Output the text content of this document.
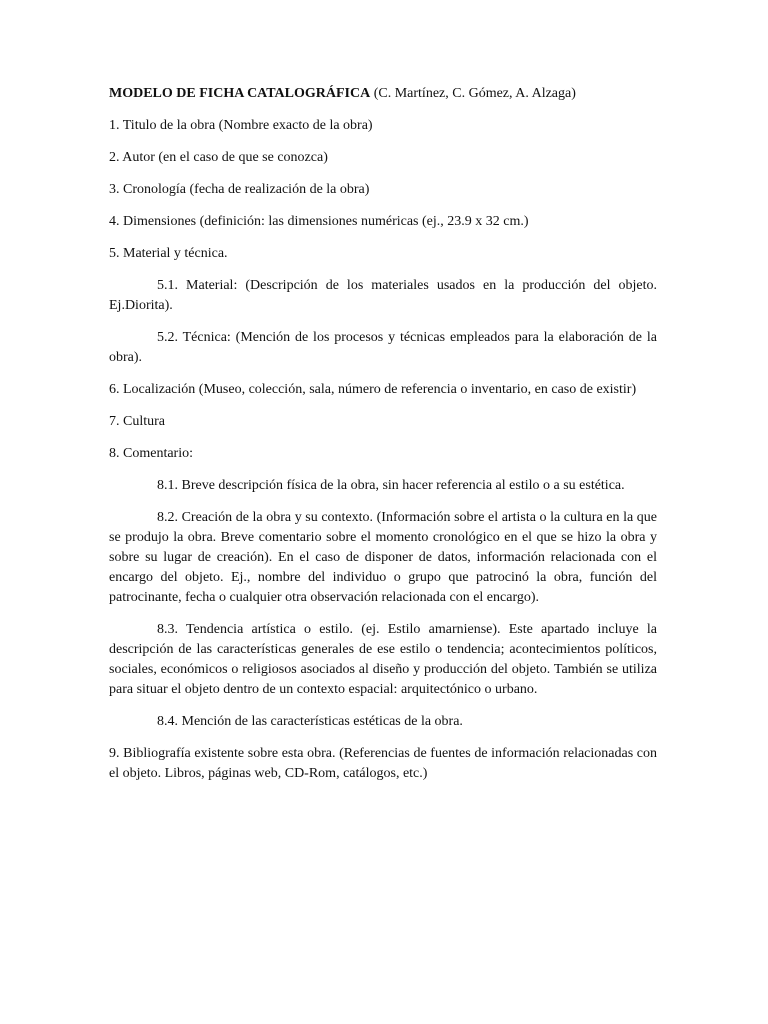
MODELO DE FICHA CATALOGRÁFICA (C. Martínez, C. Gómez, A. Alzaga)

1. Titulo de la obra (Nombre exacto de la obra)

2. Autor (en el caso de que se conozca)

3. Cronología (fecha de realización de la obra)

4. Dimensiones (definición: las dimensiones numéricas (ej., 23.9 x 32 cm.)

5. Material y técnica.

5.1. Material: (Descripción de los materiales usados en la producción del objeto. Ej.Diorita).

5.2. Técnica: (Mención de los procesos y técnicas empleados para la elaboración de la obra).

6. Localización (Museo, colección, sala, número de referencia o inventario, en caso de existir)

7. Cultura

8. Comentario:

8.1. Breve descripción física de la obra, sin hacer referencia al estilo o a su estética.

8.2. Creación de la obra y su contexto. (Información sobre el artista o la cultura en la que se produjo la obra. Breve comentario sobre el momento cronológico en el que se hizo la obra y sobre su lugar de creación). En el caso de disponer de datos, información relacionada con el encargo del objeto. Ej., nombre del individuo o grupo que patrocinó la obra, función del patrocinante, fecha o cualquier otra observación relacionada con el encargo).

8.3. Tendencia artística o estilo. (ej. Estilo amarniense). Este apartado incluye la descripción de las características generales de ese estilo o tendencia; acontecimientos políticos, sociales, económicos o religiosos asociados al diseño y producción del objeto. También se utiliza para situar el objeto dentro de un contexto espacial: arquitectónico o urbano.

8.4. Mención de las características estéticas de la obra.

9. Bibliografía existente sobre esta obra. (Referencias de fuentes de información relacionadas con el objeto. Libros, páginas web, CD-Rom, catálogos, etc.)
